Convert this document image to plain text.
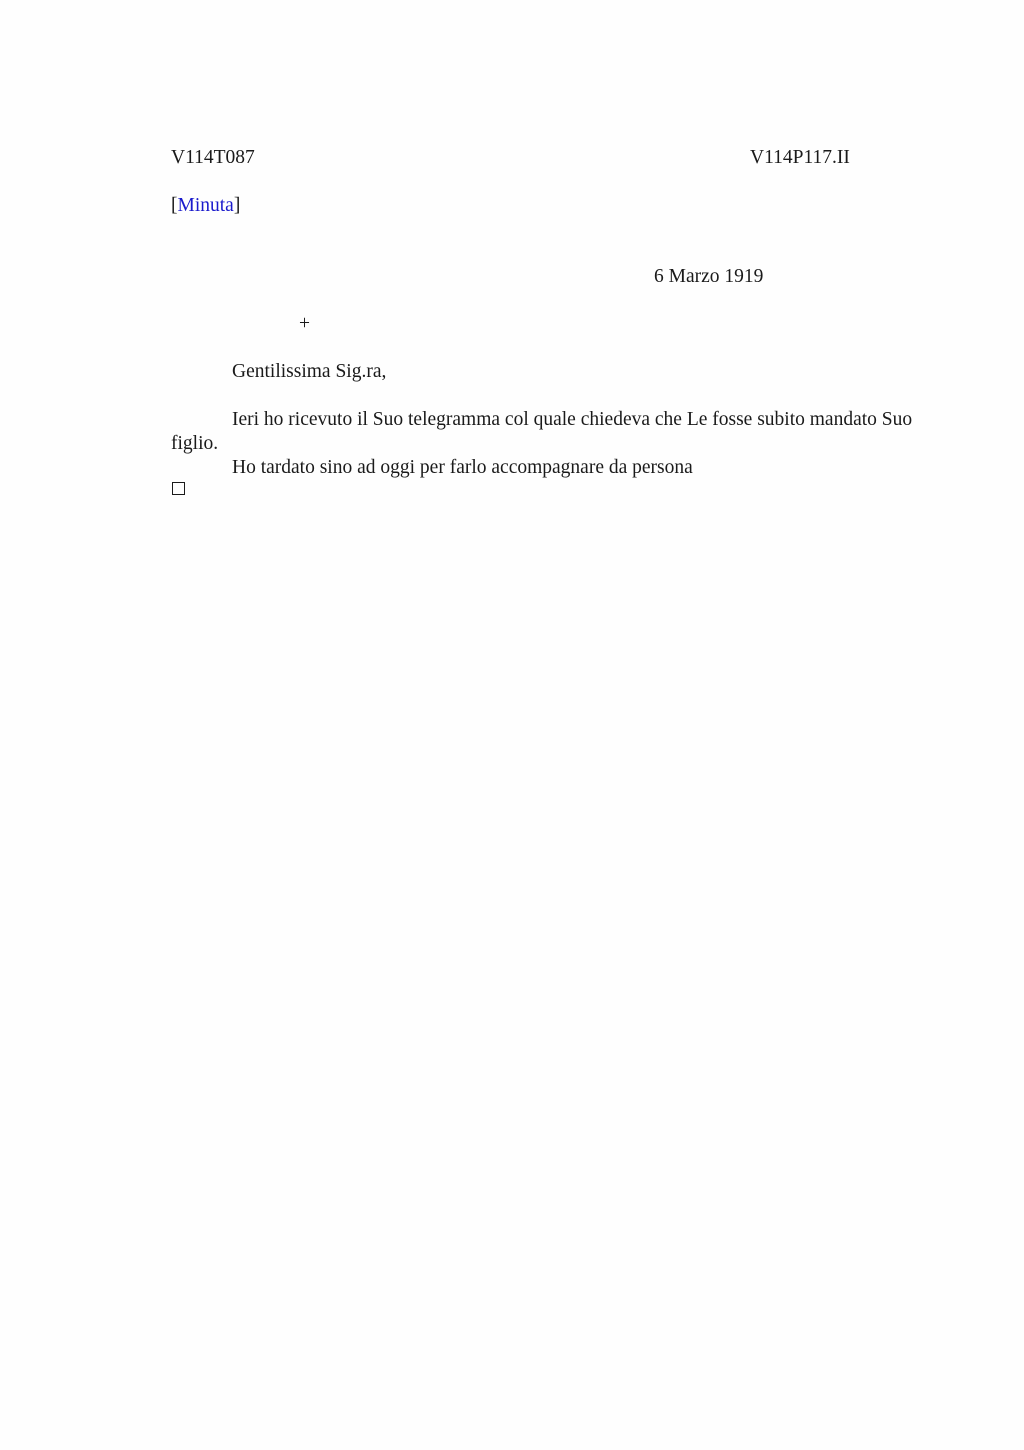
V114T087	V114P117.II
[Minuta]
6 Marzo 1919
+
Gentilissima Sig.ra,

Ieri ho ricevuto il Suo telegramma col quale chiedeva che Le fosse subito mandato Suo figlio.

Ho tardato sino ad oggi per farlo accompagnare da persona
